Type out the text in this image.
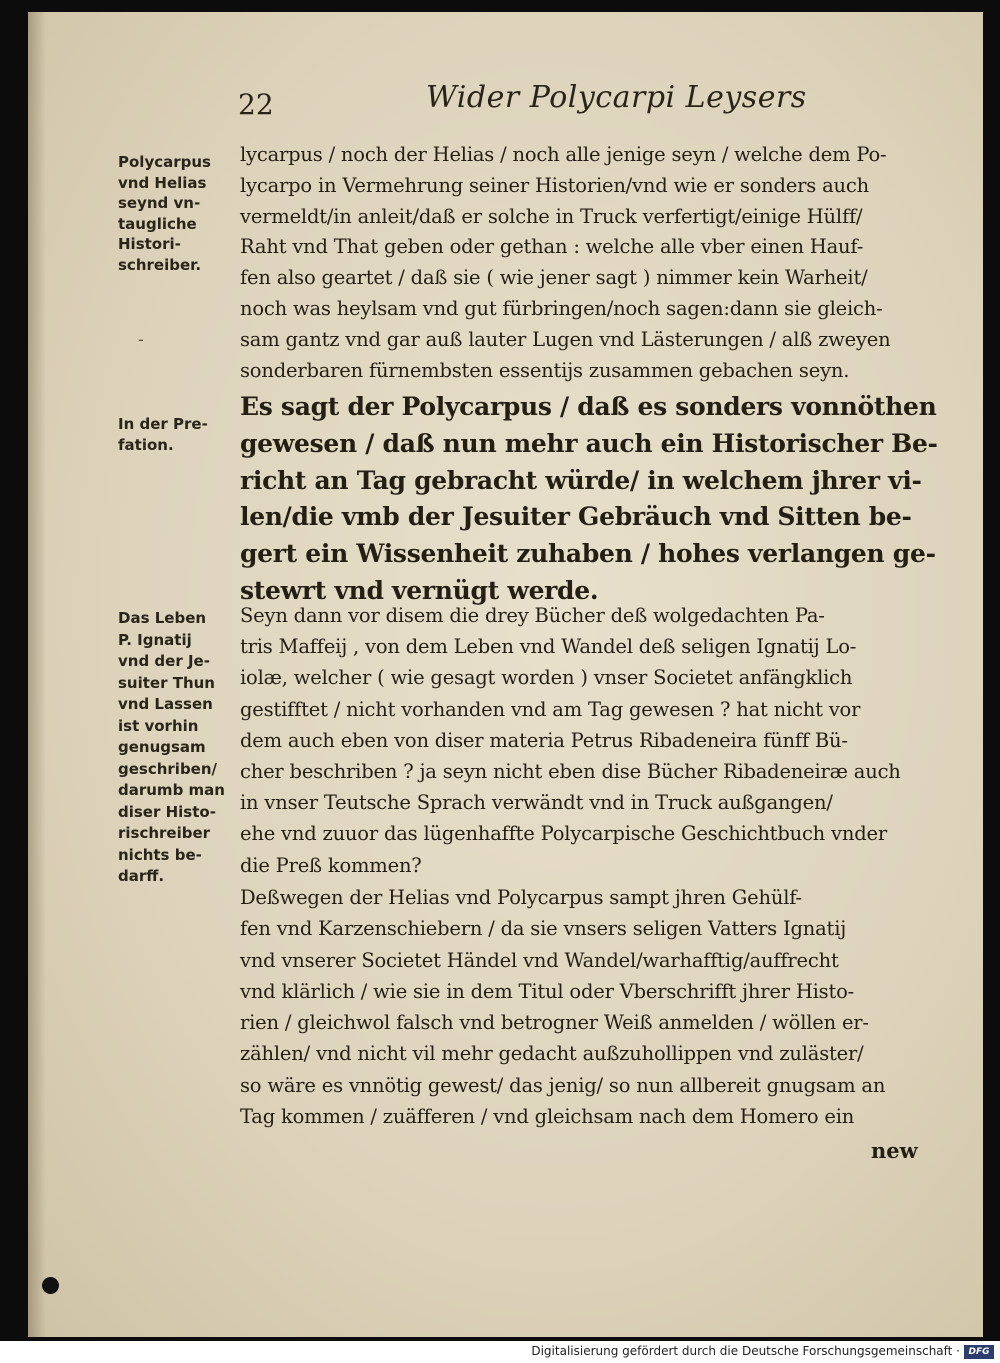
22	Wider Polycarpi Leysers
Polycarpus
vnd Helias
seynd vn-
taugliche
Histori-
schreiber.
-
In der Pre-
fation.
Das Leben
P. Ignatij
vnd der Je-
suiter Thun
vnd Lassen
ist vorhin
genugsam
geschriben/
darumb man
diser Histo-
rischreiber
nichts be-
darff.
lycarpus / noch der Helias / noch alle jenige seyn / welche dem Po-
lycarpo in Vermehrung seiner Historien/vnd wie er sonders auch
vermeldt/in anleit/daß er solche in Truck verfertigt/einige Hülff/
Raht vnd That geben oder gethan : welche alle vber einen Hauf-
fen also geartet / daß sie ( wie jener sagt ) nimmer kein Warheit/
noch was heylsam vnd gut fürbringen/noch sagen:dann sie gleich-
sam gantz vnd gar auß lauter Lugen vnd Lästerungen / alß zweyen
sonderbaren fürnembsten essentijs zusammen gebachen seyn.
Es sagt der Polycarpus / daß es sonders vonnöthen
gewesen / daß nun mehr auch ein Historischer Be-
richt an Tag gebracht würde/ in welchem jhrer vi-
len/die vmb der Jesuiter Gebräuch vnd Sitten be-
gert ein Wissenheit zuhaben / hohes verlangen ge-
stewrt vnd vernügt werde.
Seyn dann vor disem die drey Bücher deß wolgedachten Pa-
tris Maffeij , von dem Leben vnd Wandel deß seligen Ignatij Lo-
iolæ, welcher ( wie gesagt worden ) vnser Societet anfängklich
gestifftet / nicht vorhanden vnd am Tag gewesen ? hat nicht vor
dem auch eben von diser materia Petrus Ribadeneira fünff Bü-
cher beschriben ? ja seyn nicht eben dise Bücher Ribadeneiræ auch
in vnser Teutsche Sprach verwändt vnd in Truck außgangen/
ehe vnd zuuor das lügenhaffte Polycarpische Geschichtbuch vnder
die Preß kommen?
Deßwegen der Helias vnd Polycarpus sampt jhren Gehülf-
fen vnd Karzenschiebern / da sie vnsers seligen Vatters Ignatij
vnd vnserer Societet Händel vnd Wandel/warhafftig/auffrecht
vnd klärlich / wie sie in dem Titul oder Vberschrifft jhrer Histo-
rien / gleichwol falsch vnd betrogner Weiß anmelden / wöllen er-
zählen/ vnd nicht vil mehr gedacht außzuhollippen vnd zuläster/
so wäre es vnnötig gewest/ das jenig/ so nun allbereit gnugsam an
Tag kommen / zuäfferen / vnd gleichsam nach dem Homero ein
new
Digitalisierung gefördert durch die Deutsche Forschungsgemeinschaft · DFG
